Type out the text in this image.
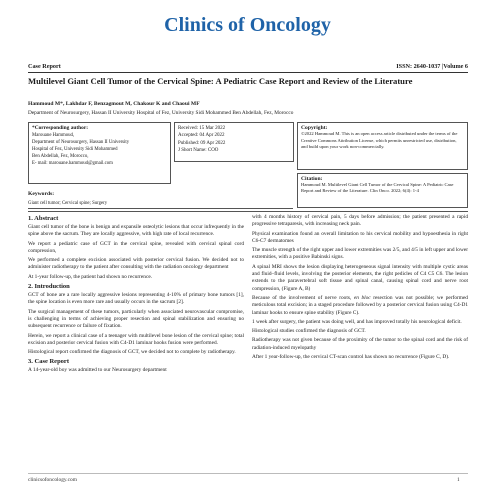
Clinics of Oncology
Case Report	ISSN: 2640-1037 |Volume 6
Multilevel Giant Cell Tumor of the Cervical Spine: A Pediatric Case Report and Review of the Literature
Hammoud M*, Lakhdar F, Benzagmout M, Chakour K and Chaoui MF
Department of Neurosurgery, Hassan II University Hospital of Fez, University Sidi Mohammed Ben Abdellah, Fez, Morocco
*Corresponding author:
Marouane Hammoud,
Department of Neurosurgery, Hassan II University
Hospital of Fez, University Sidi Mohammed
Ben Abdellah, Fez, Morocco,
E- mail: marouane.hammoud@gmail.com
Received: 15 Mar 2022
Accepted: 04 Apr 2022
Published: 09 Apr 2022
J Short Name: COO
Copyright:
©2022 Hammoud M. This is an open access article distributed under the terms of the Creative Commons Attribution License, which permits unrestricted use, distribution, and build upon your work non-commercially.
Citation:
Hammoud M. Multilevel Giant Cell Tumor of the Cervical Spine: A Pediatric Case Report and Review of the Literature. Clin Onco. 2022; 6(4): 1-4
Keywords:
Giant cell tumor; Cervical spine; Surgery
1. Abstract

Giant cell tumor of the bone is benign and expansile osteolytic lesions that occur infrequently in the spine above the sacrum. They are locally aggressive, with high rate of local recurrence.

We report a pediatric case of GCT in the cervical spine, revealed with cervical spinal cord compression,

We performed a complete excision associated with posterior cervical fusion. We decided not to administer radiotherapy to the patient after consulting with the radiation oncology department

At 1-year follow-up, the patient had shown no recurrence.

2. Introduction

GCT of bone are a rare locally aggressive lesions representing 4-10% of primary bone tumors [1], the spine location is even more rare and usually occurs in the sacrum [2].

The surgical management of these tumors, particularly when associated neurovascular compromise, is challenging in terms of achieving proper resection and spinal stabilization and ensuring no subsequent recurrence or failure of fixation.

Herein, we report a clinical case of a teenager with multilevel bone lesion of the cervical spine; total excision and posterior cervical fusion with C4-D1 laminar hooks fusion were performed.

Histological report confirmed the diagnosis of GCT, we decided not to complete by radiotherapy.

3. Case Report

A 14-year-old boy was admitted to our Neurosurgery department

with 4 months history of cervical pain, 5 days before admission; the patient presented a rapid progressive tetraparesis, with increasing neck pain.

Physical examination found an overall limitation to his cervical mobility and hypoesthesia in right C6-C7 dermatomes

The muscle strength of the right upper and lower extremities was 2/5, and 4/5 in left upper and lower extremities, with a positive Babinski signs.

A spinal MRI shows the lesion displaying heterogeneous signal intensity with multiple cystic areas and fluid–fluid levels, involving the posterior elements, the right pedicles of C4 C5 C6. The lesion extends to the paravertebral soft tissue and spinal canal, causing spinal cord and nerve root compression, (Figure A, B)

Because of the involvement of nerve roots, en bloc resection was not possible; we performed meticulous total excision; in a staged procedure followed by a posterior cervical fusion using C4-D1 laminar hooks to ensure spine stability (Figure C).

1 week after surgery, the patient was doing well, and has improved totally his neurological deficit.

Histological studies confirmed the diagnosis of GCT.

Radiotherapy was not given because of the proximity of the tumor to the spinal cord and the risk of radiation-induced myelopathy

After 1 year-follow-up, the cervical CT-scan control has shown no recurrence (Figure C, D).

clinicsofoncology.com	1
